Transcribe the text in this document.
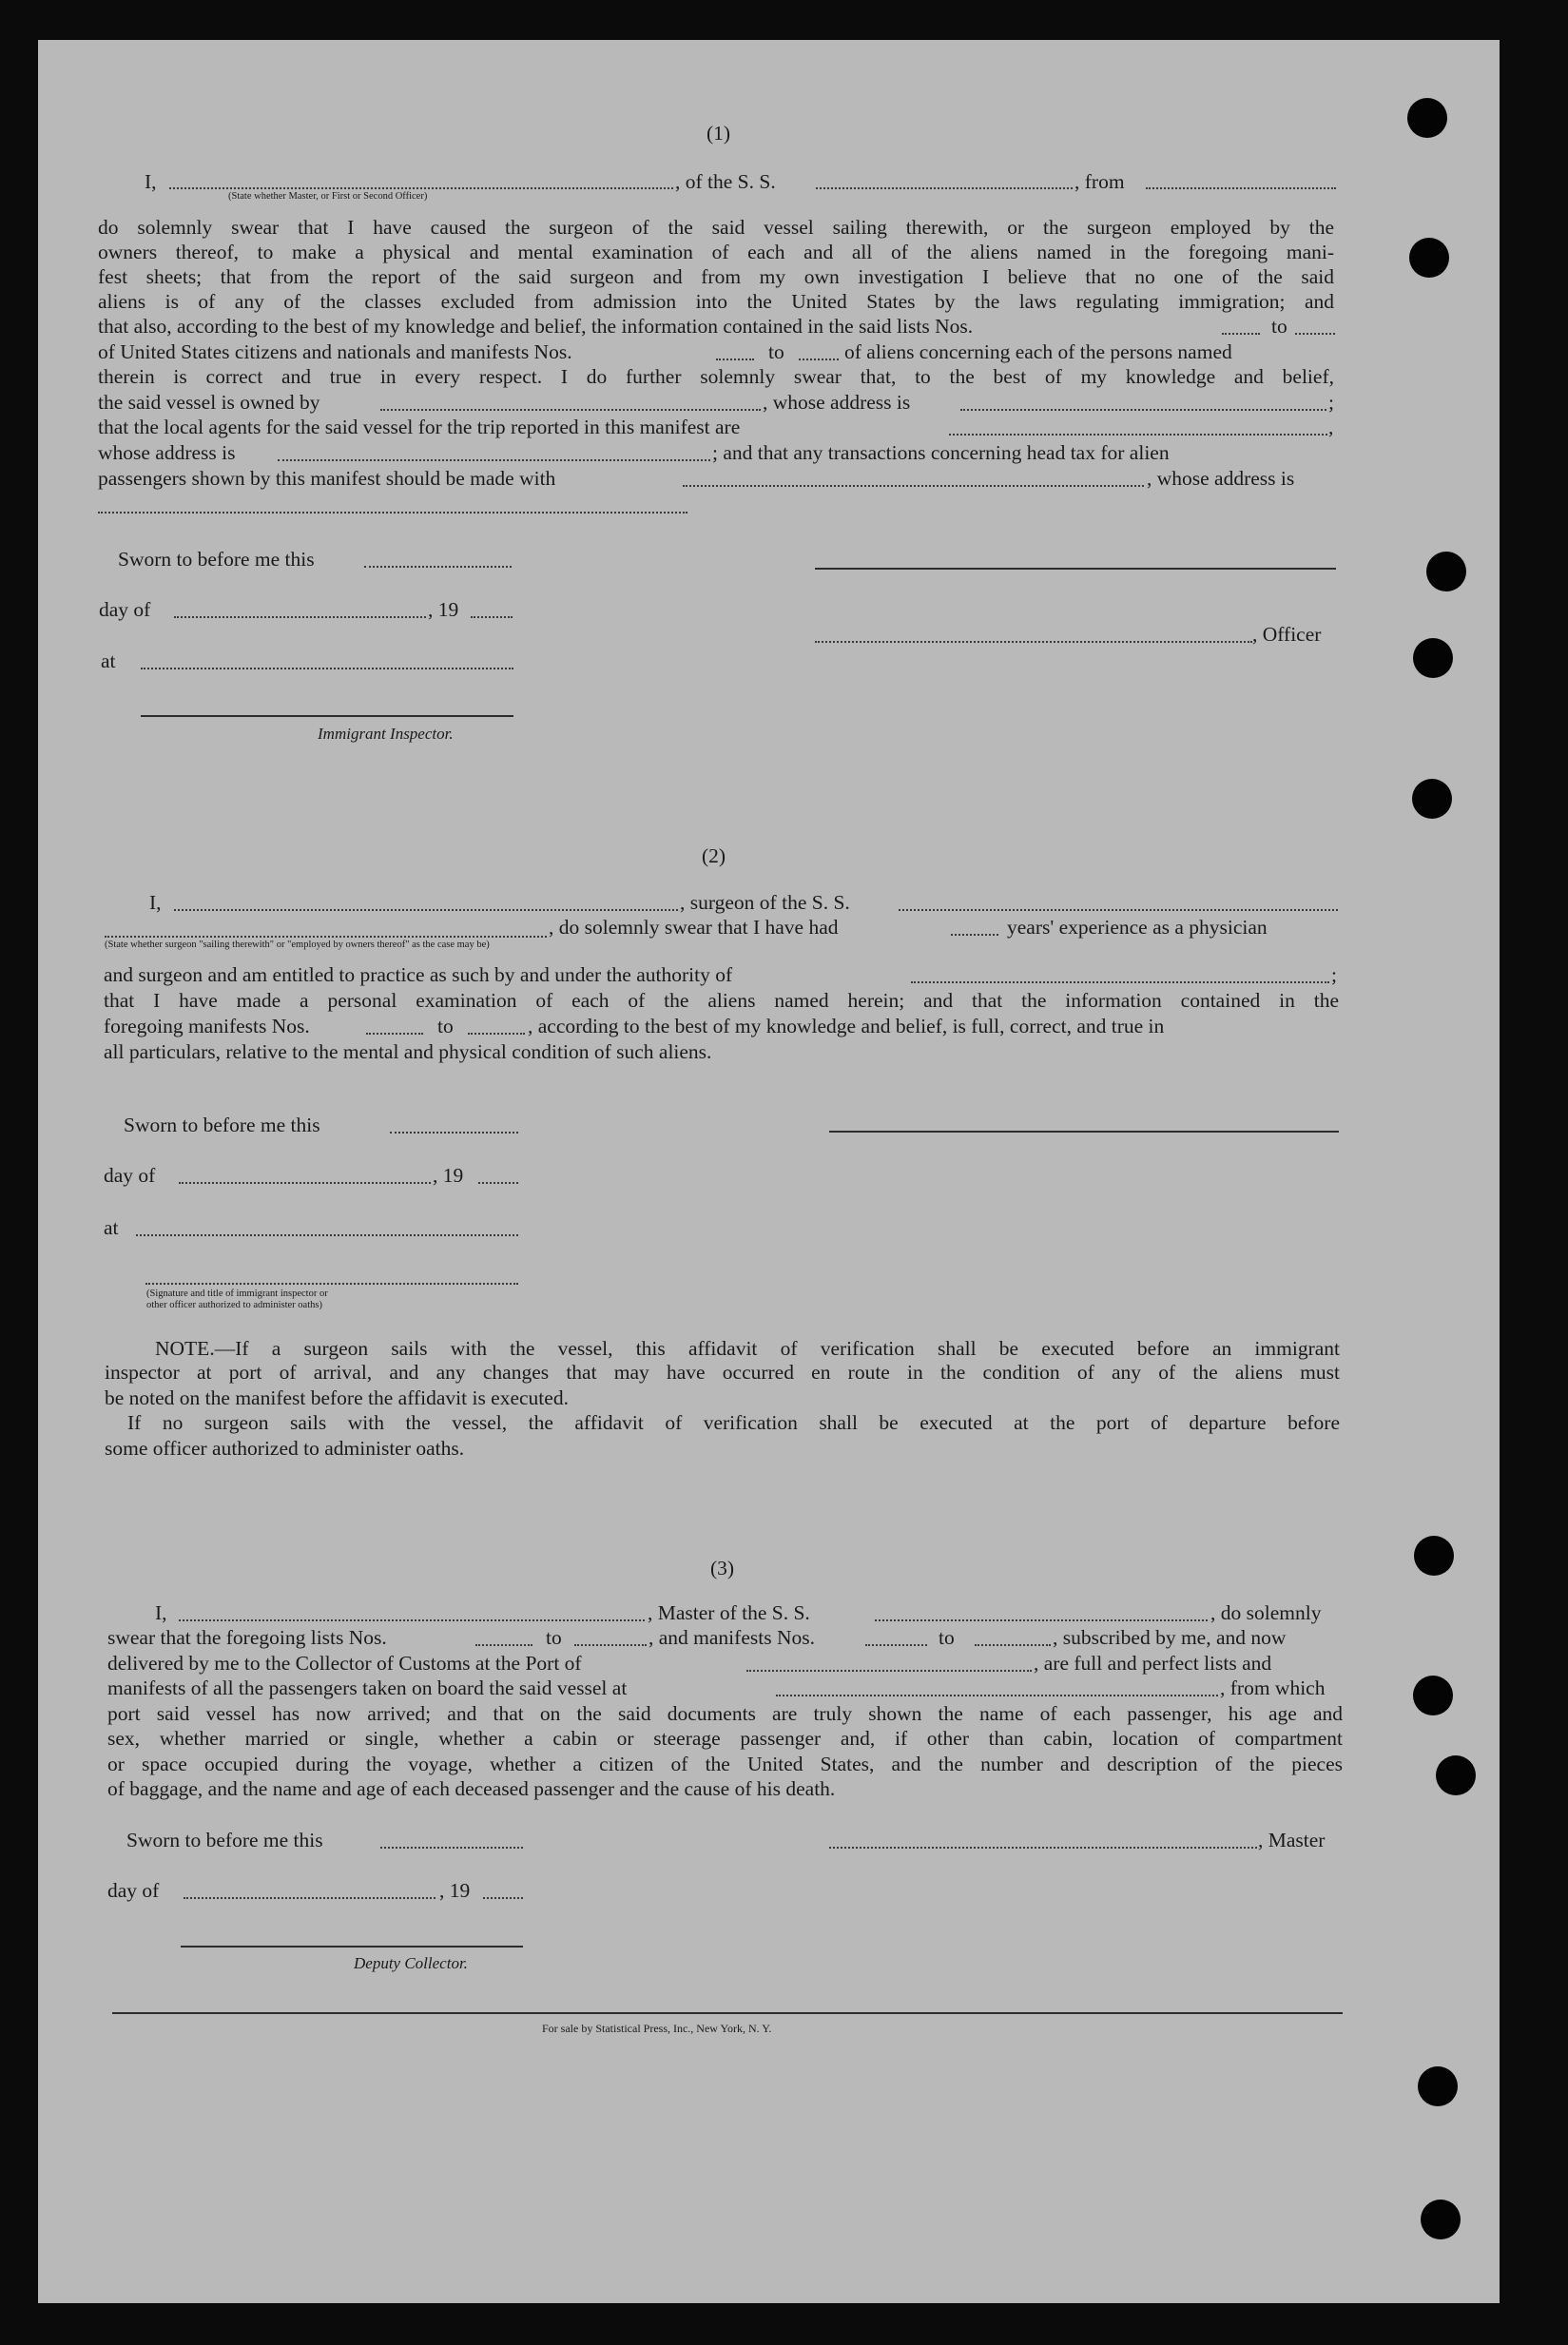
(1)
I,	, of the S. S.	, from
(State whether Master, or First or Second Officer)
do solemnly swear that I have caused the surgeon of the said vessel sailing therewith, or the surgeon employed by the
owners thereof, to make a physical and mental examination of each and all of the aliens named in the foregoing mani-
fest sheets; that from the report of the said surgeon and from my own investigation I believe that no one of the said
aliens is of any of the classes excluded from admission into the United States by the laws regulating immigration; and
that also, according to the best of my knowledge and belief, the information contained in the said lists Nos.	to
of United States citizens and nationals and manifests Nos.	to	of aliens concerning each of the persons named
therein is correct and true in every respect. I do further solemnly swear that, to the best of my knowledge and belief,
the said vessel is owned by	, whose address is	;
that the local agents for the said vessel for the trip reported in this manifest are	,
whose address is	; and that any transactions concerning head tax for alien
passengers shown by this manifest should be made with	, whose address is
Sworn to before me this
day of	, 19
at
, Officer
Immigrant Inspector.
(2)
I,	, surgeon of the S. S.
, do solemnly swear that I have had	years' experience as a physician
(State whether surgeon "sailing therewith" or "employed by owners thereof" as the case may be)
and surgeon and am entitled to practice as such by and under the authority of	;
that I have made a personal examination of each of the aliens named herein; and that the information contained in the
foregoing manifests Nos.	to	, according to the best of my knowledge and belief, is full, correct, and true in
all particulars, relative to the mental and physical condition of such aliens.
Sworn to before me this
day of	, 19
at
(Signature and title of immigrant inspector or
other officer authorized to administer oaths)
NOTE.—If a surgeon sails with the vessel, this affidavit of verification shall be executed before an immigrant
inspector at port of arrival, and any changes that may have occurred en route in the condition of any of the aliens must
be noted on the manifest before the affidavit is executed.
If no surgeon sails with the vessel, the affidavit of verification shall be executed at the port of departure before
some officer authorized to administer oaths.
(3)
I,	, Master of the S. S.	, do solemnly
swear that the foregoing lists Nos.	to	, and manifests Nos.	to	, subscribed by me, and now
delivered by me to the Collector of Customs at the Port of	, are full and perfect lists and
manifests of all the passengers taken on board the said vessel at	, from which
port said vessel has now arrived; and that on the said documents are truly shown the name of each passenger, his age and
sex, whether married or single, whether a cabin or steerage passenger and, if other than cabin, location of compartment
or space occupied during the voyage, whether a citizen of the United States, and the number and description of the pieces
of baggage, and the name and age of each deceased passenger and the cause of his death.
Sworn to before me this	, Master
day of	, 19
Deputy Collector.
For sale by Statistical Press, Inc., New York, N. Y.
